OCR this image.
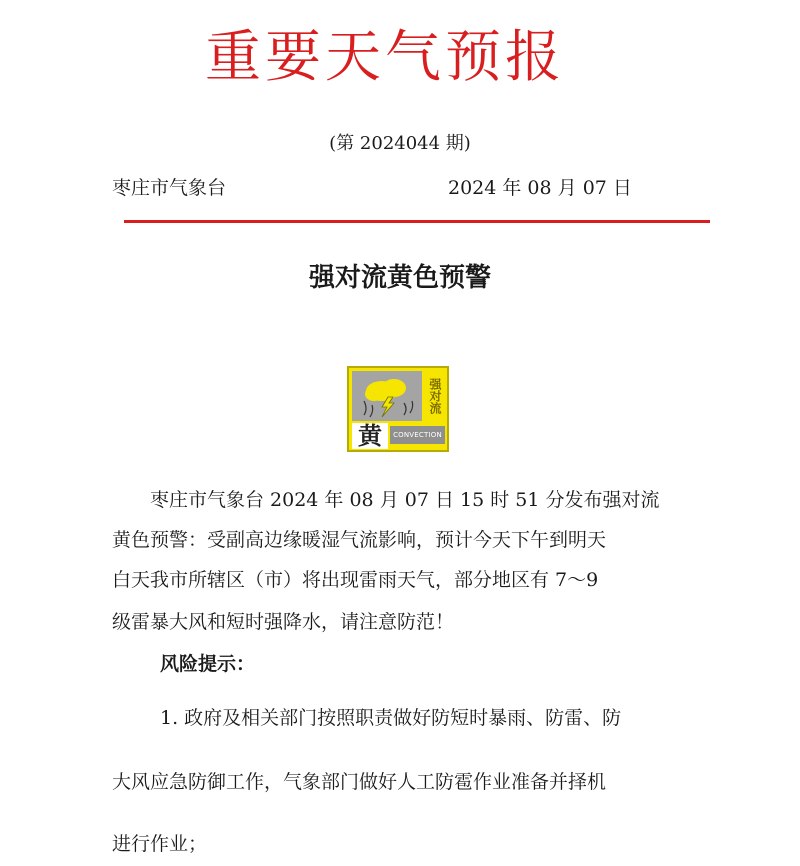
重要天气预报
(第 2024044 期)
枣庄市气象台	2024 年 08 月 07 日
强对流黄色预警
强对流
黄	CONVECTION
枣庄市气象台 2024 年 08 月 07 日 15 时 51 分发布强对流
黄色预警：受副高边缘暖湿气流影响，预计今天下午到明天
白天我市所辖区（市）将出现雷雨天气，部分地区有 7～9
级雷暴大风和短时强降水，请注意防范！
风险提示：
1. 政府及相关部门按照职责做好防短时暴雨、防雷、防
大风应急防御工作，气象部门做好人工防雹作业准备并择机
进行作业；
